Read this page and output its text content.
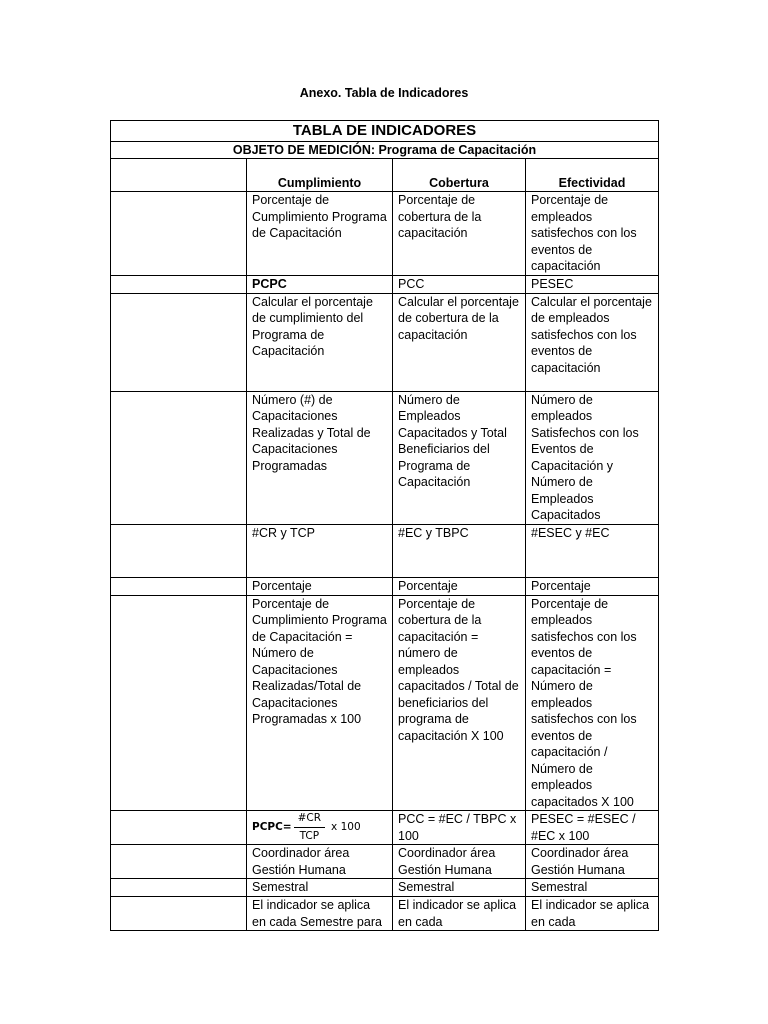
Anexo. Tabla de Indicadores
TABLA DE INDICADORES			
OBJETO DE MEDICIÓN: Programa de Capacitación			
	Cumplimiento	Cobertura	Efectividad
	Porcentaje de Cumplimiento Programa de Capacitación	Porcentaje de cobertura de la capacitación	Porcentaje de empleados satisfechos con los eventos de capacitación
	PCPC	PCC	PESEC
	Calcular el porcentaje de cumplimiento del Programa de Capacitación	Calcular el porcentaje de cobertura de la capacitación	Calcular el porcentaje de empleados satisfechos con los eventos de capacitación
	Número (#) de Capacitaciones Realizadas y Total de Capacitaciones Programadas	Número de Empleados Capacitados y Total Beneficiarios del Programa de Capacitación	Número de empleados Satisfechos con los Eventos de Capacitación y Número de Empleados Capacitados
	#CR y TCP	#EC y TBPC	#ESEC y #EC
	Porcentaje	Porcentaje	Porcentaje
	Porcentaje de Cumplimiento Programa de Capacitación = Número de Capacitaciones Realizadas/Total de Capacitaciones Programadas x 100	Porcentaje de cobertura de la capacitación = número de empleados capacitados / Total de beneficiarios del programa de capacitación X 100	Porcentaje de empleados satisfechos con los eventos de capacitación = Número de empleados satisfechos con los eventos de capacitación / Número de empleados capacitados X 100

	PCPC= $\frac{\#CR}{\text{TCP}}$ x 100	PCC = #EC / TBPC x 100	PESEC = #ESEC / #EC x 100
	Coordinador área Gestión Humana	Coordinador área Gestión Humana	Coordinador área Gestión Humana
	Semestral	Semestral	Semestral
	El indicador se aplica en cada Semestre para	El indicador se aplica en cada	El indicador se aplica en cada
